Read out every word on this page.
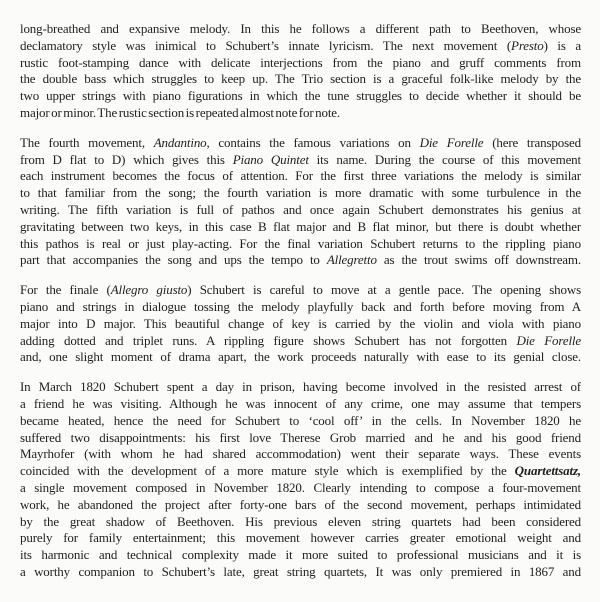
long-breathed and expansive melody. In this he follows a different path to Beethoven, whose
declamatory style was inimical to Schubert’s innate lyricism. The next movement (Presto) is a
rustic foot-stamping dance with delicate interjections from the piano and gruff comments from
the double bass which struggles to keep up. The Trio section is a graceful folk-like melody by the
two upper strings with piano figurations in which the tune struggles to decide whether it should be
major or minor. The rustic section is repeated almost note for note.
The fourth movement, Andantino, contains the famous variations on Die Forelle (here transposed
from D flat to D) which gives this Piano Quintet its name. During the course of this movement
each instrument becomes the focus of attention. For the first three variations the melody is similar
to that familiar from the song; the fourth variation is more dramatic with some turbulence in the
writing. The fifth variation is full of pathos and once again Schubert demonstrates his genius at
gravitating between two keys, in this case B flat major and B flat minor, but there is doubt whether
this pathos is real or just play-acting. For the final variation Schubert returns to the rippling piano
part that accompanies the song and ups the tempo to Allegretto as the trout swims off downstream.
For the finale (Allegro giusto) Schubert is careful to move at a gentle pace. The opening shows
piano and strings in dialogue tossing the melody playfully back and forth before moving from A
major into D major. This beautiful change of key is carried by the violin and viola with piano
adding dotted and triplet runs. A rippling figure shows Schubert has not forgotten Die Forelle
and, one slight moment of drama apart, the work proceeds naturally with ease to its genial close.
In March 1820 Schubert spent a day in prison, having become involved in the resisted arrest of
a friend he was visiting. Although he was innocent of any crime, one may assume that tempers
became heated, hence the need for Schubert to ‘cool off’ in the cells. In November 1820 he
suffered two disappointments: his first love Therese Grob married and he and his good friend
Mayrhofer (with whom he had shared accommodation) went their separate ways. These events
coincided with the development of a more mature style which is exemplified by the Quartettsatz,
a single movement composed in November 1820. Clearly intending to compose a four-movement
work, he abandoned the project after forty-one bars of the second movement, perhaps intimidated
by the great shadow of Beethoven. His previous eleven string quartets had been considered
purely for family entertainment; this movement however carries greater emotional weight and
its harmonic and technical complexity made it more suited to professional musicians and it is
a worthy companion to Schubert’s late, great string quartets, It was only premiered in 1867 and
